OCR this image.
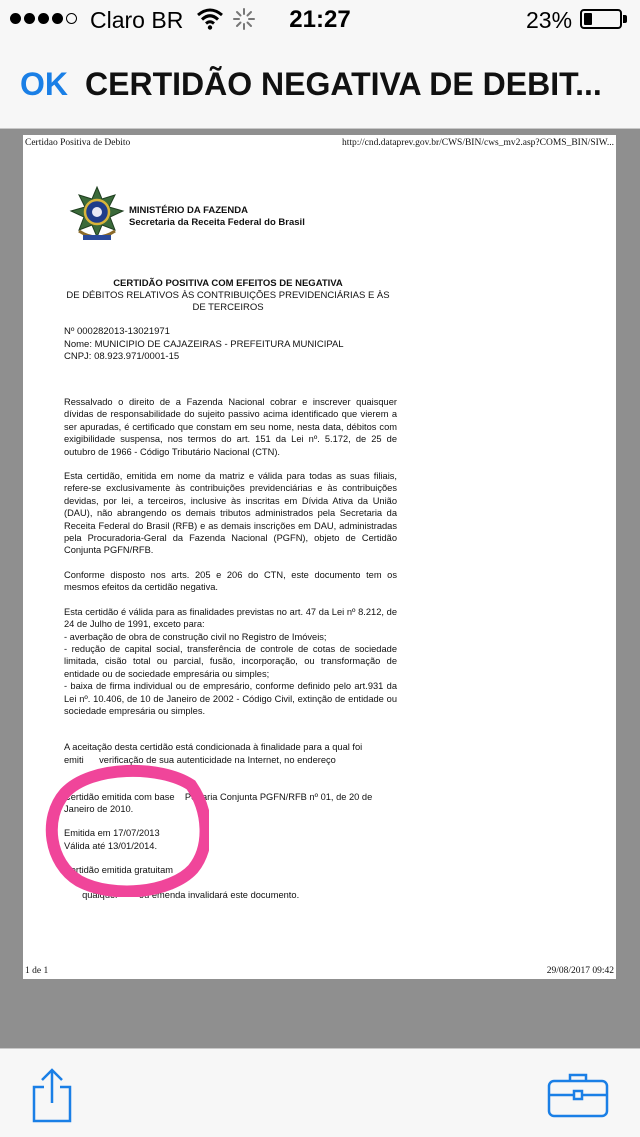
Claro BR	21:27	23%
OK CERTIDÃO NEGATIVA DE DEBIT...
Certidao Positiva de Debito	http://cnd.dataprev.gov.br/CWS/BIN/cws_mv2.asp?COMS_BIN/SIW...
MINISTÉRIO DA FAZENDA
Secretaria da Receita Federal do Brasil
CERTIDÃO POSITIVA COM EFEITOS DE NEGATIVA
DE DÉBITOS RELATIVOS ÀS CONTRIBUIÇÕES PREVIDENCIÁRIAS E ÀS
DE TERCEIROS
Nº 000282013-13021971
Nome: MUNICIPIO DE CAJAZEIRAS - PREFEITURA MUNICIPAL
CNPJ: 08.923.971/0001-15

Ressalvado o direito de a Fazenda Nacional cobrar e inscrever quaisquer dívidas de responsabilidade do sujeito passivo acima identificado que vierem a ser apuradas, é certificado que constam em seu nome, nesta data, débitos com exigibilidade suspensa, nos termos do art. 151 da Lei nº. 5.172, de 25 de outubro de 1966 - Código Tributário Nacional (CTN).

Esta certidão, emitida em nome da matriz e válida para todas as suas filiais, refere-se exclusivamente às contribuições previdenciárias e às contribuições devidas, por lei, a terceiros, inclusive às inscritas em Dívida Ativa da União (DAU), não abrangendo os demais tributos administrados pela Secretaria da Receita Federal do Brasil (RFB) e as demais inscrições em DAU, administradas pela Procuradoria-Geral da Fazenda Nacional (PGFN), objeto de Certidão Conjunta PGFN/RFB.

Conforme disposto nos arts. 205 e 206 do CTN, este documento tem os mesmos efeitos da certidão negativa.

Esta certidão é válida para as finalidades previstas no art. 47 da Lei nº 8.212, de 24 de Julho de 1991, exceto para:
- averbação de obra de construção civil no Registro de Imóveis;
- redução de capital social, transferência de controle de cotas de sociedade limitada, cisão total ou parcial, fusão, incorporação, ou transformação de entidade ou de sociedade empresária ou simples;
- baixa de firma individual ou de empresário, conforme definido pelo art.931 da Lei nº. 10.406, de 10 de Janeiro de 2002 - Código Civil, extinção de entidade ou sociedade empresária ou simples.
A aceitação desta certidão está condicionada à finalidade para a qual foi
emiti      verificação de sua autenticidade na Internet, no endereço
da.gov.br>
Certidão emitida com base    Portaria Conjunta PGFN/RFB nº 01, de 20 de
Janeiro de 2010.
Emitida em 17/07/2013
Válida até 13/01/2014.
Certidão emitida gratuitam        .
qualquer        ou emenda invalidará este documento.
1 de 1	29/08/2017 09:42
